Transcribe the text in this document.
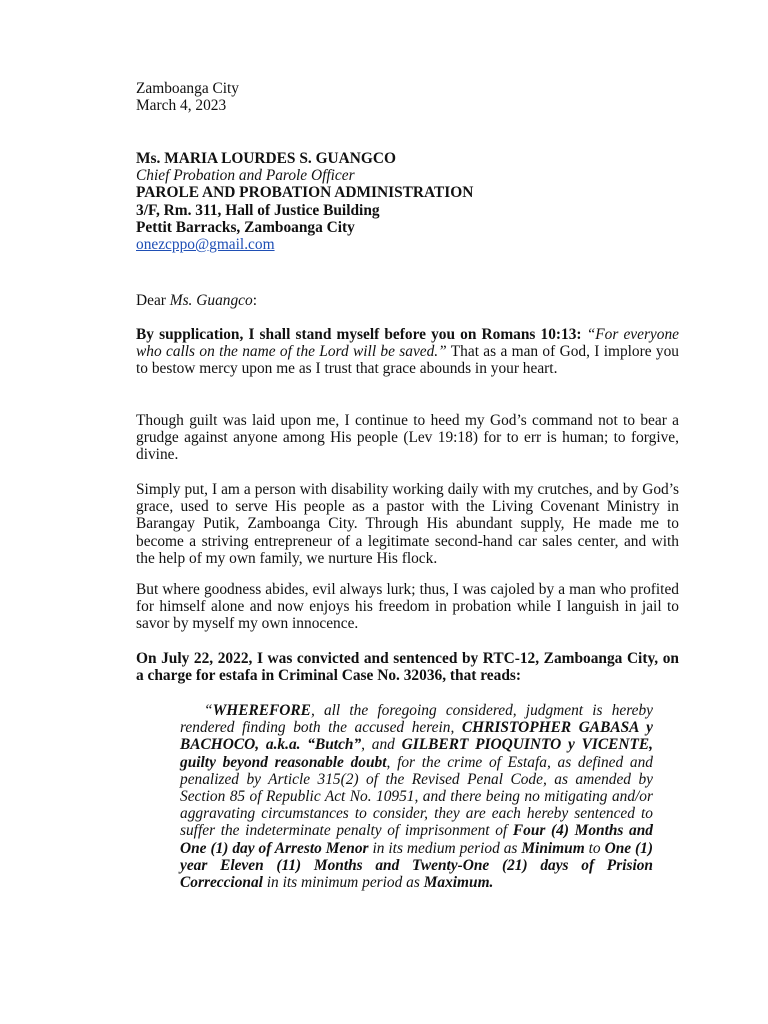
Zamboanga City
March 4, 2023
Ms. MARIA LOURDES S. GUANGCO
Chief Probation and Parole Officer
PAROLE AND PROBATION ADMINISTRATION
3/F, Rm. 311, Hall of Justice Building
Pettit Barracks, Zamboanga City
onezcppo@gmail.com
Dear Ms. Guangco:

By supplication, I shall stand myself before you on Romans 10:13: “For everyone who calls on the name of the Lord will be saved.” That as a man of God, I implore you to bestow mercy upon me as I trust that grace abounds in your heart.

Though guilt was laid upon me, I continue to heed my God’s command not to bear a grudge against anyone among His people (Lev 19:18) for to err is human; to forgive, divine.

Simply put, I am a person with disability working daily with my crutches, and by God’s grace, used to serve His people as a pastor with the Living Covenant Ministry in Barangay Putik, Zamboanga City. Through His abundant supply, He made me to become a striving entrepreneur of a legitimate second-hand car sales center, and with the help of my own family, we nurture His flock.

But where goodness abides, evil always lurk; thus, I was cajoled by a man who profited for himself alone and now enjoys his freedom in probation while I languish in jail to savor by myself my own innocence.

On July 22, 2022, I was convicted and sentenced by RTC-12, Zamboanga City, on a charge for estafa in Criminal Case No. 32036, that reads:

“WHEREFORE, all the foregoing considered, judgment is hereby rendered finding both the accused herein, CHRISTOPHER GABASA y BACHOCO, a.k.a. “Butch”, and GILBERT PIOQUINTO y VICENTE, guilty beyond reasonable doubt, for the crime of Estafa, as defined and penalized by Article 315(2) of the Revised Penal Code, as amended by Section 85 of Republic Act No. 10951, and there being no mitigating and/or aggravating circumstances to consider, they are each hereby sentenced to suffer the indeterminate penalty of imprisonment of Four (4) Months and One (1) day of Arresto Menor in its medium period as Minimum to One (1) year Eleven (11) Months and Twenty-One (21) days of Prision Correccional in its minimum period as Maximum.
